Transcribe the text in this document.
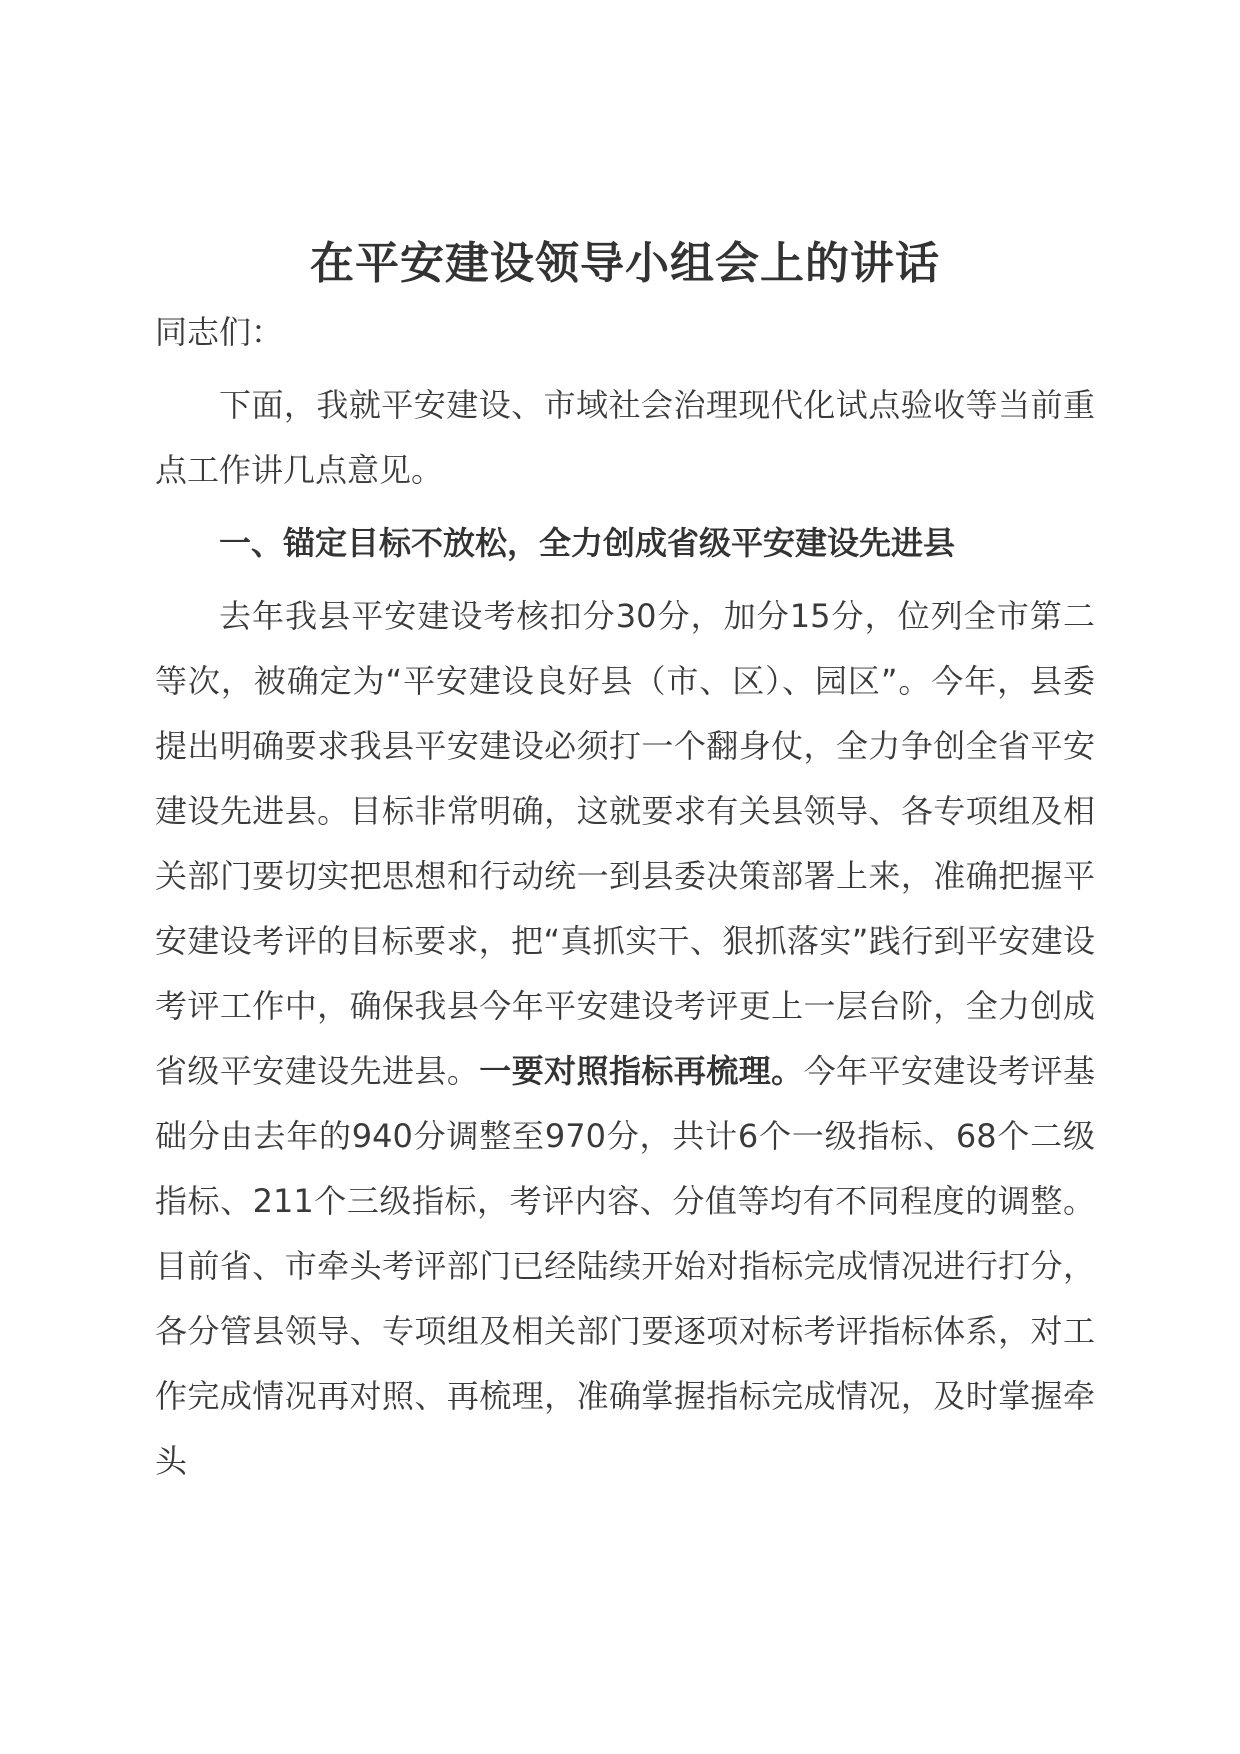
在平安建设领导小组会上的讲话

同志们：

下面，我就平安建设、市域社会治理现代化试点验收等当前重点工作讲几点意见。

一、锚定目标不放松，全力创成省级平安建设先进县

去年我县平安建设考核扣分30分，加分15分，位列全市第二等次，被确定为“平安建设良好县（市、区）、园区”。今年，县委提出明确要求我县平安建设必须打一个翻身仗，全力争创全省平安建设先进县。目标非常明确，这就要求有关县领导、各专项组及相关部门要切实把思想和行动统一到县委决策部署上来，准确把握平安建设考评的目标要求，把“真抓实干、狠抓落实”践行到平安建设考评工作中，确保我县今年平安建设考评更上一层台阶，全力创成省级平安建设先进县。一要对照指标再梳理。今年平安建设考评基础分由去年的940分调整至970分，共计6个一级指标、68个二级指标、211个三级指标，考评内容、分值等均有不同程度的调整。目前省、市牵头考评部门已经陆续开始对指标完成情况进行打分，各分管县领导、专项组及相关部门要逐项对标考评指标体系，对工作完成情况再对照、再梳理，准确掌握指标完成情况，及时掌握牵头
